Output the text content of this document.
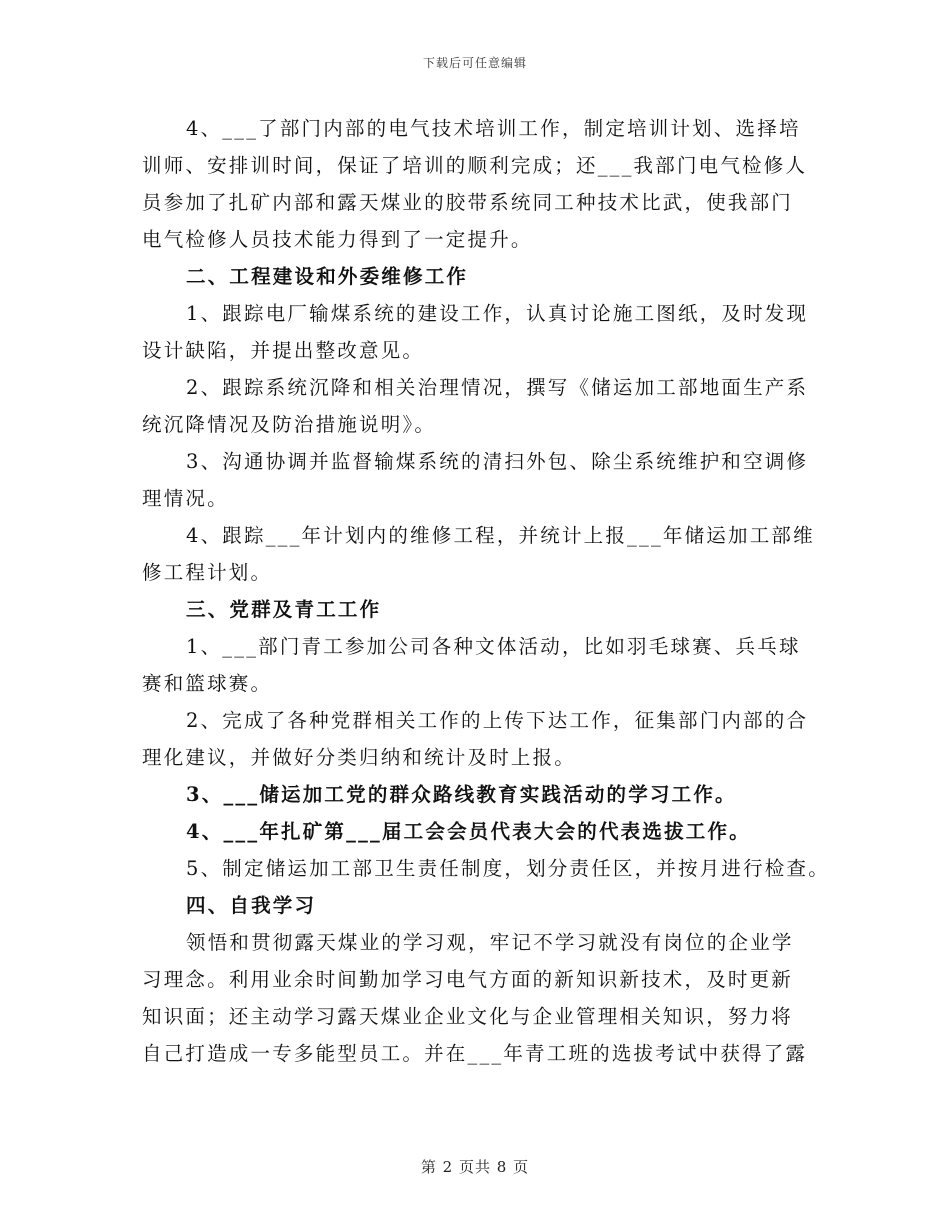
下载后可任意编辑

4、___了部门内部的电气技术培训工作，制定培训计划、选择培
训师、安排训时间，保证了培训的顺利完成；还___我部门电气检修人
员参加了扎矿内部和露天煤业的胶带系统同工种技术比武，使我部门
电气检修人员技术能力得到了一定提升。

二、工程建设和外委维修工作

1、跟踪电厂输煤系统的建设工作，认真讨论施工图纸，及时发现
设计缺陷，并提出整改意见。

2、跟踪系统沉降和相关治理情况，撰写《储运加工部地面生产系
统沉降情况及防治措施说明》。

3、沟通协调并监督输煤系统的清扫外包、除尘系统维护和空调修
理情况。

4、跟踪___年计划内的维修工程，并统计上报___年储运加工部维
修工程计划。

三、党群及青工工作

1、___部门青工参加公司各种文体活动，比如羽毛球赛、兵乓球
赛和篮球赛。

2、完成了各种党群相关工作的上传下达工作，征集部门内部的合
理化建议，并做好分类归纳和统计及时上报。

3、___储运加工党的群众路线教育实践活动的学习工作。

4、___年扎矿第___届工会会员代表大会的代表选拔工作。

5、制定储运加工部卫生责任制度，划分责任区，并按月进行检查。

四、自我学习

领悟和贯彻露天煤业的学习观，牢记不学习就没有岗位的企业学
习理念。利用业余时间勤加学习电气方面的新知识新技术，及时更新
知识面；还主动学习露天煤业企业文化与企业管理相关知识，努力将
自己打造成一专多能型员工。并在___年青工班的选拔考试中获得了露

第 2 页共 8 页
